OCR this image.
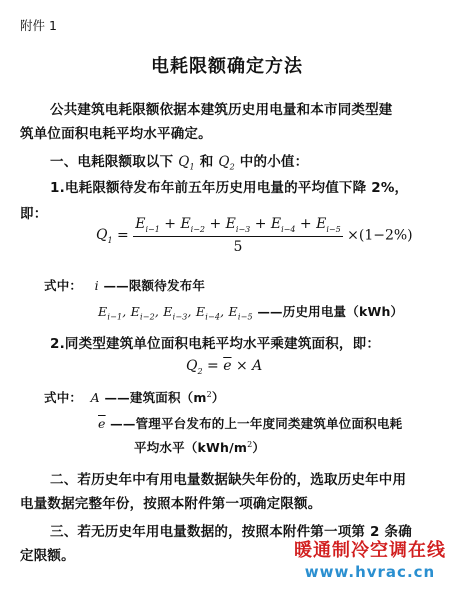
附件 1
电耗限额确定方法
公共建筑电耗限额依据本建筑历史用电量和本市同类型建
筑单位面积电耗平均水平确定。
一、电耗限额取以下 $Q_1$ 和 $Q_2$ 中的小值：
1.电耗限额待发布年前五年历史用电量的平均值下降 2%，
即：
$Q_1 = \frac{E_{i-1} + E_{i-2} + E_{i-3} + E_{i-4} + E_{i-5}}{5} \times(1-2\%)$
式中： i ——限额待发布年
$E_{i-1}$, $E_{i-2}$, $E_{i-3}$, $E_{i-4}$, $E_{i-5}$ ——历史用电量（kWh）
2.同类型建筑单位面积电耗平均水平乘建筑面积，即：
$Q_2 = \overline{e} \times A$
式中： A ——建筑面积$(m^2)$
$\overline{e}$ ——管理平台发布的上一年度同类建筑单位面积电耗
平均水平$(kWh/m^2)$
二、若历史年中有用电量数据缺失年份的，选取历史年中用
电量数据完整年份，按照本附件第一项确定限额。
三、若无历史年用电量数据的，按照本附件第一项第 2 条确
定限额。	暖通制冷空调在线
www.hvrac.cn
